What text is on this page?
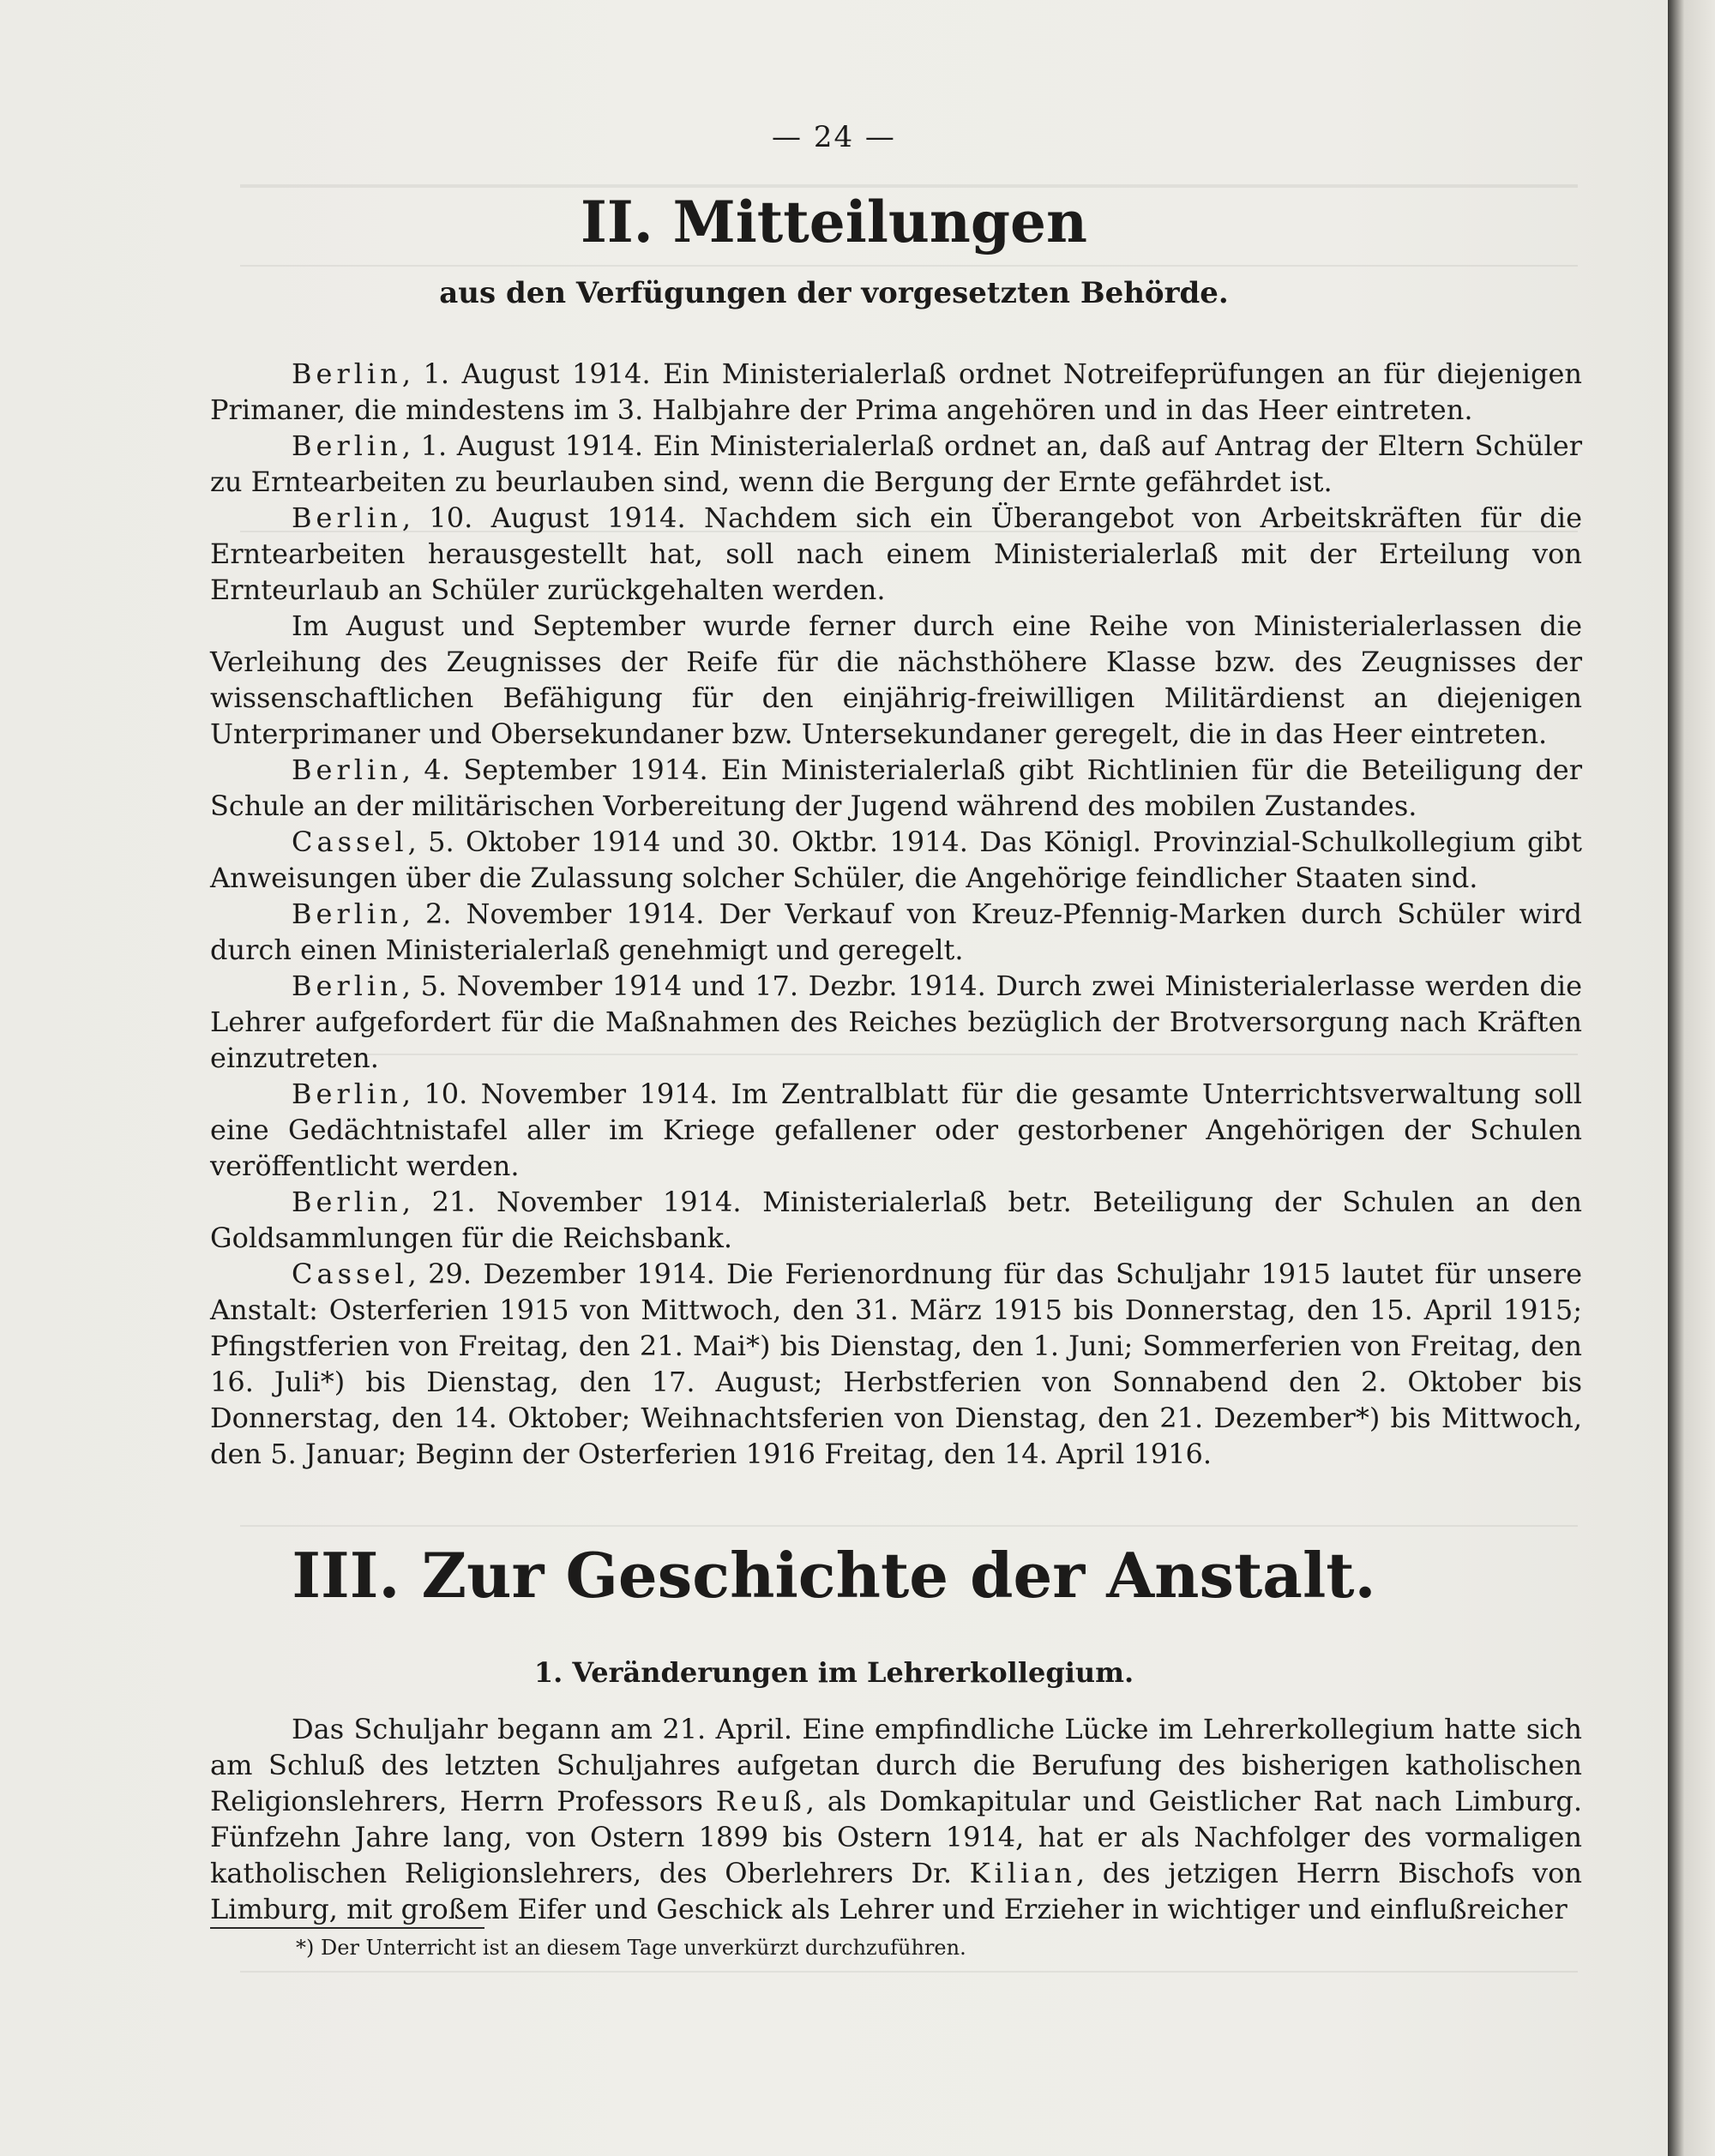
— 24 —
II. Mitteilungen
aus den Verfügungen der vorgesetzten Behörde.

Berlin, 1. August 1914. Ein Ministerialerlaß ordnet Notreifeprüfungen an für diejenigen Primaner, die mindestens im 3. Halbjahre der Prima angehören und in das Heer eintreten.

Berlin, 1. August 1914. Ein Ministerialerlaß ordnet an, daß auf Antrag der Eltern Schüler zu Erntearbeiten zu beurlauben sind, wenn die Bergung der Ernte gefährdet ist.

Berlin, 10. August 1914. Nachdem sich ein Überangebot von Arbeitskräften für die Erntearbeiten herausgestellt hat, soll nach einem Ministerialerlaß mit der Erteilung von Ernteurlaub an Schüler zurückgehalten werden.

Im August und September wurde ferner durch eine Reihe von Ministerialerlassen die Verleihung des Zeugnisses der Reife für die nächsthöhere Klasse bzw. des Zeugnisses der wissenschaftlichen Befähigung für den einjährig-freiwilligen Militärdienst an diejenigen Unterprimaner und Obersekundaner bzw. Untersekundaner geregelt, die in das Heer eintreten.

Berlin, 4. September 1914. Ein Ministerialerlaß gibt Richtlinien für die Beteiligung der Schule an der militärischen Vorbereitung der Jugend während des mobilen Zustandes.

Cassel, 5. Oktober 1914 und 30. Oktbr. 1914. Das Königl. Provinzial-Schulkollegium gibt Anweisungen über die Zulassung solcher Schüler, die Angehörige feindlicher Staaten sind.

Berlin, 2. November 1914. Der Verkauf von Kreuz-Pfennig-Marken durch Schüler wird durch einen Ministerialerlaß genehmigt und geregelt.

Berlin, 5. November 1914 und 17. Dezbr. 1914. Durch zwei Ministerialerlasse werden die Lehrer aufgefordert für die Maßnahmen des Reiches bezüglich der Brotversorgung nach Kräften einzutreten.

Berlin, 10. November 1914. Im Zentralblatt für die gesamte Unterrichtsverwaltung soll eine Gedächtnistafel aller im Kriege gefallener oder gestorbener Angehörigen der Schulen veröffentlicht werden.

Berlin, 21. November 1914. Ministerialerlaß betr. Beteiligung der Schulen an den Goldsammlungen für die Reichsbank.

Cassel, 29. Dezember 1914. Die Ferienordnung für das Schuljahr 1915 lautet für unsere Anstalt: Osterferien 1915 von Mittwoch, den 31. März 1915 bis Donnerstag, den 15. April 1915; Pfingstferien von Freitag, den 21. Mai*) bis Dienstag, den 1. Juni; Sommerferien von Freitag, den 16. Juli*) bis Dienstag, den 17. August; Herbstferien von Sonnabend den 2. Oktober bis Donnerstag, den 14. Oktober; Weihnachtsferien von Dienstag, den 21. Dezember*) bis Mittwoch, den 5. Januar; Beginn der Osterferien 1916 Freitag, den 14. April 1916.

III. Zur Geschichte der Anstalt.
1. Veränderungen im Lehrerkollegium.

Das Schuljahr begann am 21. April. Eine empfindliche Lücke im Lehrerkollegium hatte sich am Schluß des letzten Schuljahres aufgetan durch die Berufung des bisherigen katholischen Religionslehrers, Herrn Professors Reuß, als Domkapitular und Geistlicher Rat nach Limburg. Fünfzehn Jahre lang, von Ostern 1899 bis Ostern 1914, hat er als Nachfolger des vormaligen katholischen Religionslehrers, des Oberlehrers Dr. Kilian, des jetzigen Herrn Bischofs von Limburg, mit großem Eifer und Geschick als Lehrer und Erzieher in wichtiger und einflußreicher

*) Der Unterricht ist an diesem Tage unverkürzt durchzuführen.
